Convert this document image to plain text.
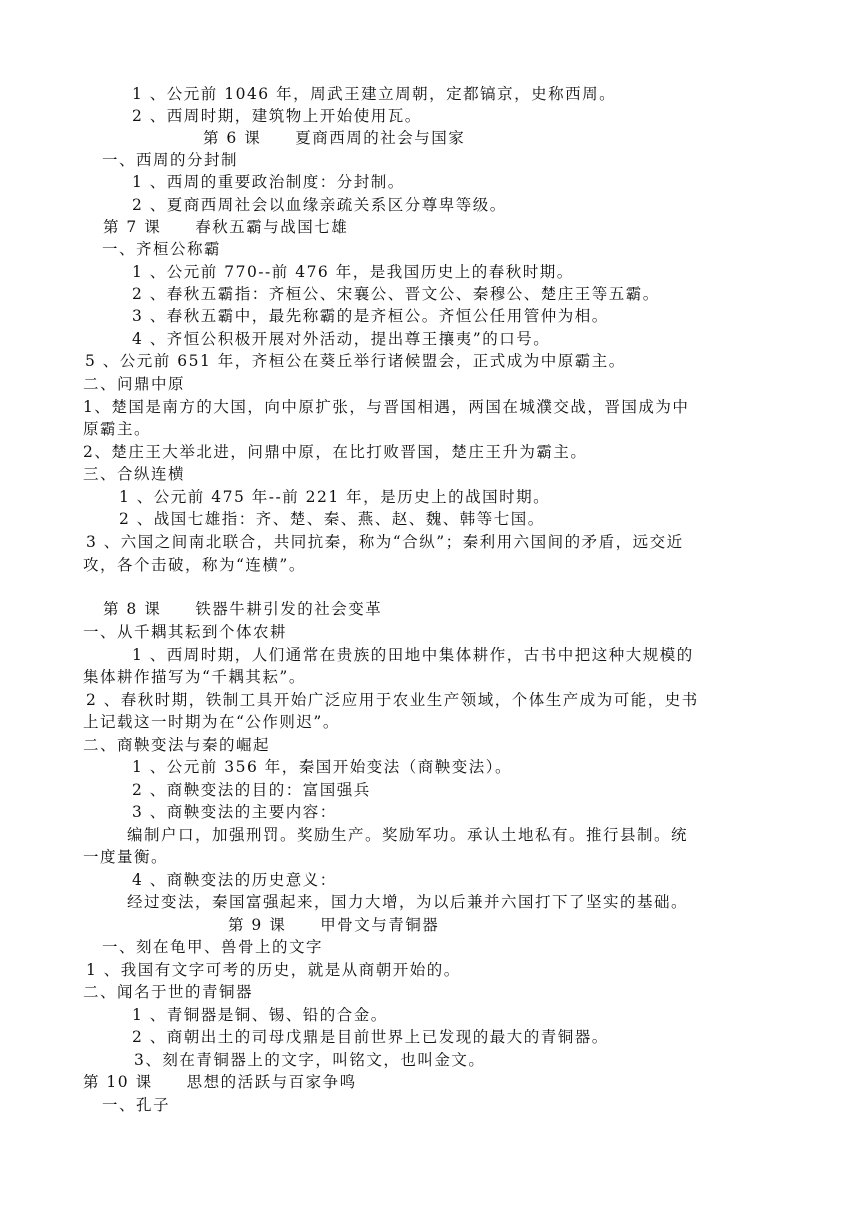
1 、公元前 1046 年，周武王建立周朝，定都镐京，史称西周。
2 、西周时期，建筑物上开始使用瓦。
第 6 课　　夏商西周的社会与国家
一、西周的分封制
1 、西周的重要政治制度：分封制。
2 、夏商西周社会以血缘亲疏关系区分尊卑等级。
第 7 课　　春秋五霸与战国七雄
一、齐桓公称霸
1 、公元前 770--前 476 年，是我国历史上的春秋时期。
2 、春秋五霸指：齐桓公、宋襄公、晋文公、秦穆公、楚庄王等五霸。
3 、春秋五霸中，最先称霸的是齐桓公。齐恒公任用管仲为相。
4 、齐恒公积极开展对外活动，提出尊王攘夷”的口号。
5 、公元前 651 年，齐桓公在葵丘举行诸候盟会，正式成为中原霸主。
二、问鼎中原
1、楚国是南方的大国，向中原扩张，与晋国相遇，两国在城濮交战，晋国成为中
原霸主。
2、楚庄王大举北进，问鼎中原，在比打败晋国，楚庄王升为霸主。
三、合纵连横
1 、公元前 475 年--前 221 年，是历史上的战国时期。
2 、战国七雄指：齐、楚、秦、燕、赵、魏、韩等七国。
3 、六国之间南北联合，共同抗秦，称为“合纵”；秦利用六国间的矛盾，远交近
攻，各个击破，称为“连横”。
第 8 课　　铁器牛耕引发的社会变革
一、从千耦其耘到个体农耕
1 、西周时期，人们通常在贵族的田地中集体耕作，古书中把这种大规模的
集体耕作描写为“千耦其耘”。
2 、春秋时期，铁制工具开始广泛应用于农业生产领域，个体生产成为可能，史书
上记载这一时期为在“公作则迟”。
二、商鞅变法与秦的崛起
1 、公元前 356 年，秦国开始变法（商鞅变法）。
2 、商鞅变法的目的：富国强兵
3 、商鞅变法的主要内容：
编制户口，加强刑罚。奖励生产。奖励军功。承认土地私有。推行县制。统
一度量衡。
4 、商鞅变法的历史意义：
经过变法，秦国富强起来，国力大增，为以后兼并六国打下了坚实的基础。
第 9 课　　甲骨文与青铜器
一、刻在龟甲、兽骨上的文字
1 、我国有文字可考的历史，就是从商朝开始的。
二、闻名于世的青铜器
1 、青铜器是铜、锡、铅的合金。
2 、商朝出土的司母戊鼎是目前世界上已发现的最大的青铜器。
3、刻在青铜器上的文字，叫铭文，也叫金文。
第 10 课　　思想的活跃与百家争鸣
一、孔子
